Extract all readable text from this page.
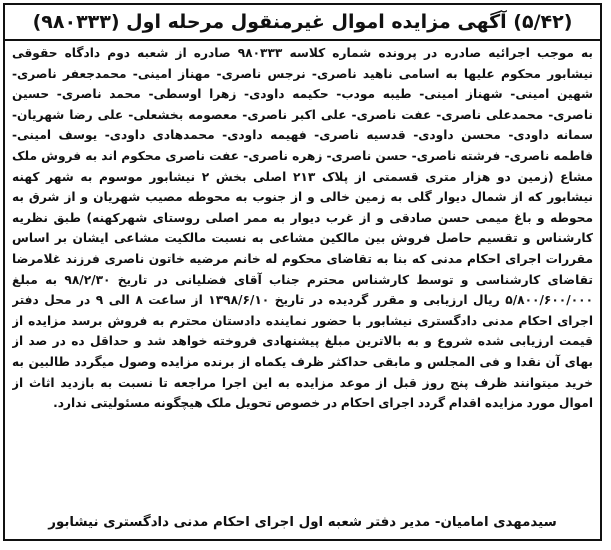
(۵/۴۲) آگهی مزایده اموال غیرمنقول مرحله اول (۹۸۰۳۳۳)
به موجب اجرائیه صادره در پرونده شماره کلاسه ۹۸۰۳۳۳ صادره از شعبه دوم دادگاه حقوقی نیشابور محکوم علیها به اسامی ناهید ناصری- نرجس ناصری- مهناز امینی- محمدجعفر ناصری- شهین امینی- شهناز امینی- طیبه مودب- حکیمه داودی- زهرا اوسطی- محمد ناصری- حسین ناصری- محمدعلی ناصری- عفت ناصری- علی اکبر ناصری- معصومه بخشعلی- علی رضا شهریان- سمانه داودی- محسن داودی- قدسیه ناصری- فهیمه داودی- محمدهادی داودی- یوسف امینی- فاطمه ناصری- فرشته ناصری- حسن ناصری- زهره ناصری- عفت ناصری محکوم اند به فروش ملک مشاع (زمین دو هزار متری قسمتی از پلاک ۲۱۳ اصلی بخش ۲ نیشابور موسوم به شهر کهنه نیشابور که از شمال دیوار گلی به زمین خالی و از جنوب به محوطه مصیب شهریان و از شرق به محوطه و باغ میمی حسن صادقی و از غرب دیوار به ممر اصلی روستای شهرکهنه) طبق نظریه کارشناس و تقسیم حاصل فروش بین مالکین مشاعی به نسبت مالکیت مشاعی ایشان بر اساس مقررات اجرای احکام مدنی که بنا به تقاضای محکوم له خانم مرضیه خاتون ناصری فرزند غلامرضا تقاضای کارشناسی و توسط کارشناس محترم جناب آقای فضلیانی در تاریخ ۹۸/۲/۳۰ به مبلغ ۵/۸۰۰/۶۰۰/۰۰۰ ریال ارزیابی و مقرر گردیده در تاریخ ۱۳۹۸/۶/۱۰ از ساعت ۸ الی ۹ در محل دفتر اجرای احکام مدنی دادگستری نیشابور با حضور نماینده دادستان محترم به فروش برسد مزایده از قیمت ارزیابی شده شروع و به بالاترین مبلغ پیشنهادی فروخته خواهد شد و حداقل ده در صد از بهای آن نقدا و فی المجلس و مابقی حداکثر ظرف یکماه از برنده مزایده وصول میگردد طالبین به خرید میتوانند ظرف پنج روز قبل از موعد مزایده به این اجرا مراجعه تا نسبت به بازدید اثاث از اموال مورد مزایده اقدام گردد اجرای احکام در خصوص تحویل ملک هیچگونه مسئولیتی ندارد.
سیدمهدی امامیان- مدیر دفتر شعبه اول اجرای احکام مدنی دادگستری نیشابور
